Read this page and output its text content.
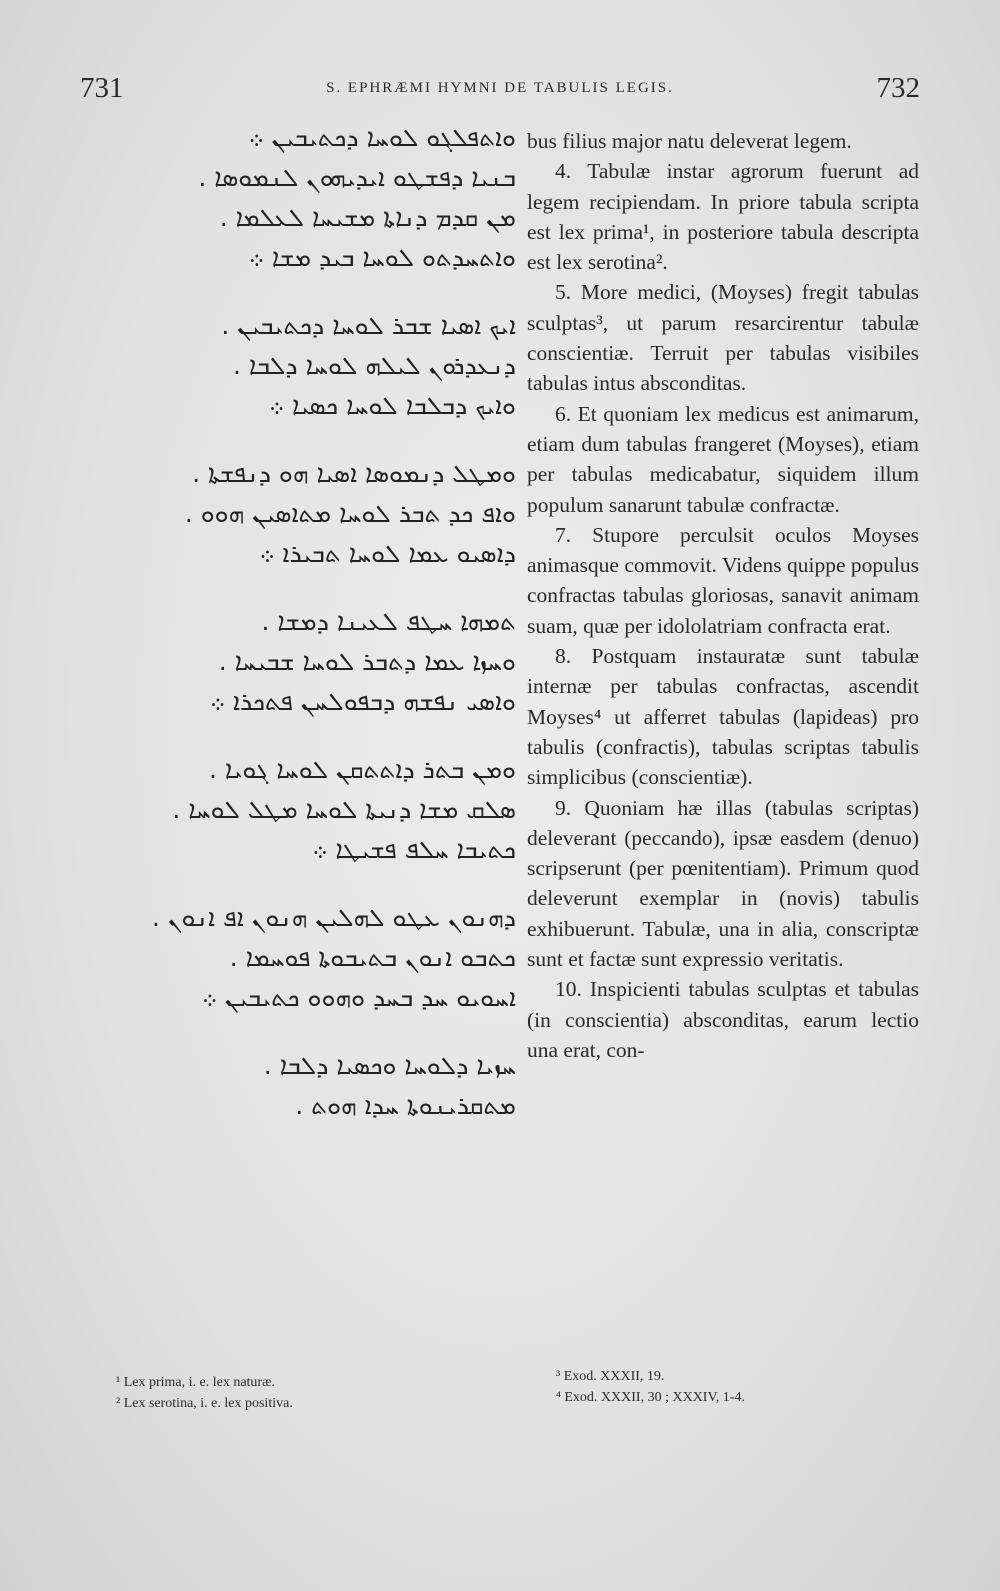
731	S. EPHRÆMI HYMNI DE TABULIS LEGIS.	732
ܘܐܬܦܠܓܘ ܠܘܚܐ ܕܟܬܝܒܝܢ ܀
ܒܢܝܐ ܕܦܫܛܘ ܐܝܕܝܗܘܢ ܠܢܡܘܣܐ .
ܡܢ ܩܕܡ ܕܢܐܬܐ ܡܫܝܚܐ ܠܥܠܡܐ .
ܘܐܬܚܕܬܘ ܠܘܚܐ ܒܝܕ ܡܫܐ ܀
ܐܝܟ ܐܣܝܐ ܫܒܪ ܠܘܚܐ ܕܟܬܝܒܝܢ .
ܕܢܥܕܪܘܢ ܠܝܠܗ ܠܘܚܐ ܕܠܒܐ .
ܘܐܝܟ ܕܒܠܒܐ ܠܘܚܐ ܟܣܝܐ ܀
ܘܡܛܠ ܕܢܡܘܣܐ ܐܣܝܐ ܗܘ ܕܢܦܫܬܐ .
ܘܐܦ ܟܕ ܬܒܪ ܠܘܚܐ ܡܬܐܣܝܢ ܗܘܘ .
ܕܐܣܝܘ ܥܡܐ ܠܘܚܐ ܬܒܝܪܐ ܀
ܬܡܗܐ ܚܛܦ ܠܥܝܢܐ ܕܡܫܐ .
ܘܚܙܐ ܥܡܐ ܕܬܒܪ ܠܘܚܐ ܫܒܝܚܐ .
ܘܐܣܝ ܢܦܫܗ ܕܒܦܘܠܚܢ ܦܬܟܪܐ ܀
ܘܡܢ ܒܬܪ ܕܐܬܬܩܢ ܠܘܚܐ ܓܘܝܐ .
ܣܠܩ ܡܫܐ ܕܢܝܬܐ ܠܘܚܐ ܡܛܠ ܠܘܚܐ .
ܟܬܝܒܐ ܚܠܦ ܦܫܝܛܐ ܀
ܕܗܢܘܢ ܥܛܘ ܠܗܠܝܢ ܗܢܘܢ ܐܦ ܐܢܘܢ .
ܟܬܒܘ ܐܢܘܢ ܒܬܝܒܘܬܐ ܦܘܚܡܐ .
ܐܚܘܝܘ ܚܕ ܒܚܕ ܘܗܘܘ ܟܬܝܒܝܢ ܀
ܚܙܝܐ ܕܠܘܚܐ ܘܟܣܝܐ ܕܠܒܐ .
ܡܬܩܪܝܢܘܬܐ ܚܕܐ ܗܘܬ .
¹ Lex prima, i. e. lex naturæ.
² Lex serotina, i. e. lex positiva.

bus filius major natu deleverat legem.

4. Tabulæ instar agrorum fuerunt ad legem recipiendam. In priore tabula scripta est lex prima¹, in posteriore tabula descripta est lex serotina².

5. More medici, (Moyses) fregit tabulas sculptas³, ut parum resarcirentur tabulæ conscientiæ. Terruit per tabulas visibiles tabulas intus absconditas.

6. Et quoniam lex medicus est animarum, etiam dum tabulas frangeret (Moyses), etiam per tabulas medicabatur, siquidem illum populum sanarunt tabulæ confractæ.

7. Stupore perculsit oculos Moyses animasque commovit. Videns quippe populus confractas tabulas gloriosas, sanavit animam suam, quæ per idololatriam confracta erat.

8. Postquam instauratæ sunt tabulæ internæ per tabulas confractas, ascendit Moyses⁴ ut afferret tabulas (lapideas) pro tabulis (confractis), tabulas scriptas tabulis simplicibus (conscientiæ).

9. Quoniam hæ illas (tabulas scriptas) deleverant (peccando), ipsæ easdem (denuo) scripserunt (per pœnitentiam). Primum quod deleverunt exemplar in (novis) tabulis exhibuerunt. Tabulæ, una in alia, conscriptæ sunt et factæ sunt expressio veritatis.

10. Inspicienti tabulas sculptas et tabulas (in conscientia) absconditas, earum lectio una erat, con-

³ Exod. XXXII, 19.
⁴ Exod. XXXII, 30 ; XXXIV, 1-4.
